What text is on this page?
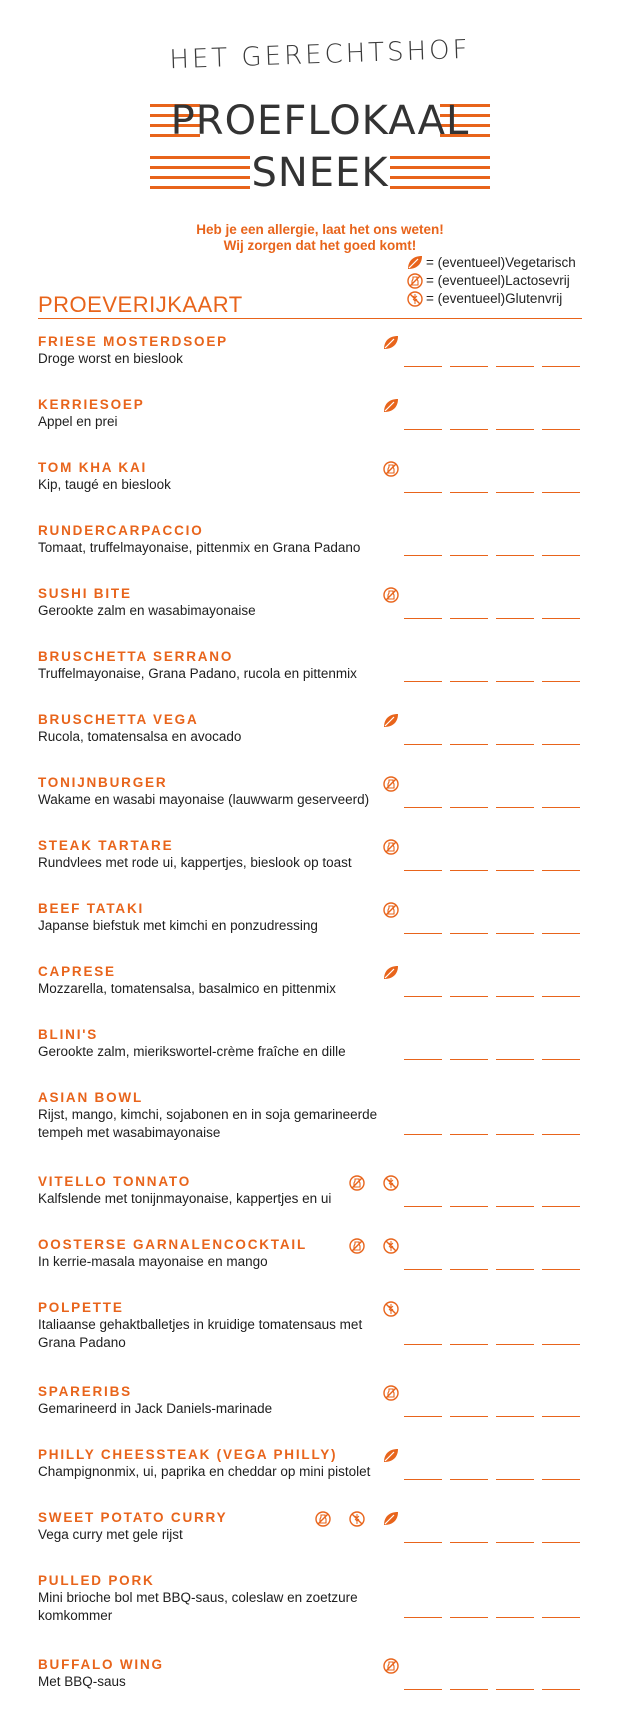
HET GERECHTSHOF
PROEFLOKAAL
SNEEK
Heb je een allergie, laat het ons weten!
Wij zorgen dat het goed komt!
= (eventueel)Vegetarisch
= (eventueel)Lactosevrij
= (eventueel)Glutenvrij
PROEVERIJKAART
FRIESE MOSTERDSOEP
Droge worst en bieslook
KERRIESOEP
Appel en prei
TOM KHA KAI
Kip, taugé en bieslook
RUNDERCARPACCIO
Tomaat, truffelmayonaise, pittenmix en Grana Padano
SUSHI BITE
Gerookte zalm en wasabimayonaise
BRUSCHETTA SERRANO
Truffelmayonaise, Grana Padano, rucola en pittenmix
BRUSCHETTA VEGA
Rucola, tomatensalsa en avocado
TONIJNBURGER
Wakame en wasabi mayonaise (lauwwarm geserveerd)
STEAK TARTARE
Rundvlees met rode ui, kappertjes, bieslook op toast
BEEF TATAKI
Japanse biefstuk met kimchi en ponzudressing
CAPRESE
Mozzarella, tomatensalsa, basalmico en pittenmix
BLINI'S
Gerookte zalm, mierikswortel-crème fraîche en dille
ASIAN BOWL
Rijst, mango, kimchi, sojabonen en in soja gemarineerde tempeh met wasabimayonaise
VITELLO TONNATO
Kalfslende met tonijnmayonaise, kappertjes en ui
OOSTERSE GARNALENCOCKTAIL
In kerrie-masala mayonaise en mango
POLPETTE
Italiaanse gehaktballetjes in kruidige tomatensaus met Grana Padano
SPARERIBS
Gemarineerd in Jack Daniels-marinade
PHILLY CHEESSTEAK (VEGA PHILLY)
Champignonmix, ui, paprika en cheddar op mini pistolet
SWEET POTATO CURRY
Vega curry met gele rijst
PULLED PORK
Mini brioche bol met BBQ-saus, coleslaw en zoetzure komkommer
BUFFALO WING
Met BBQ-saus
